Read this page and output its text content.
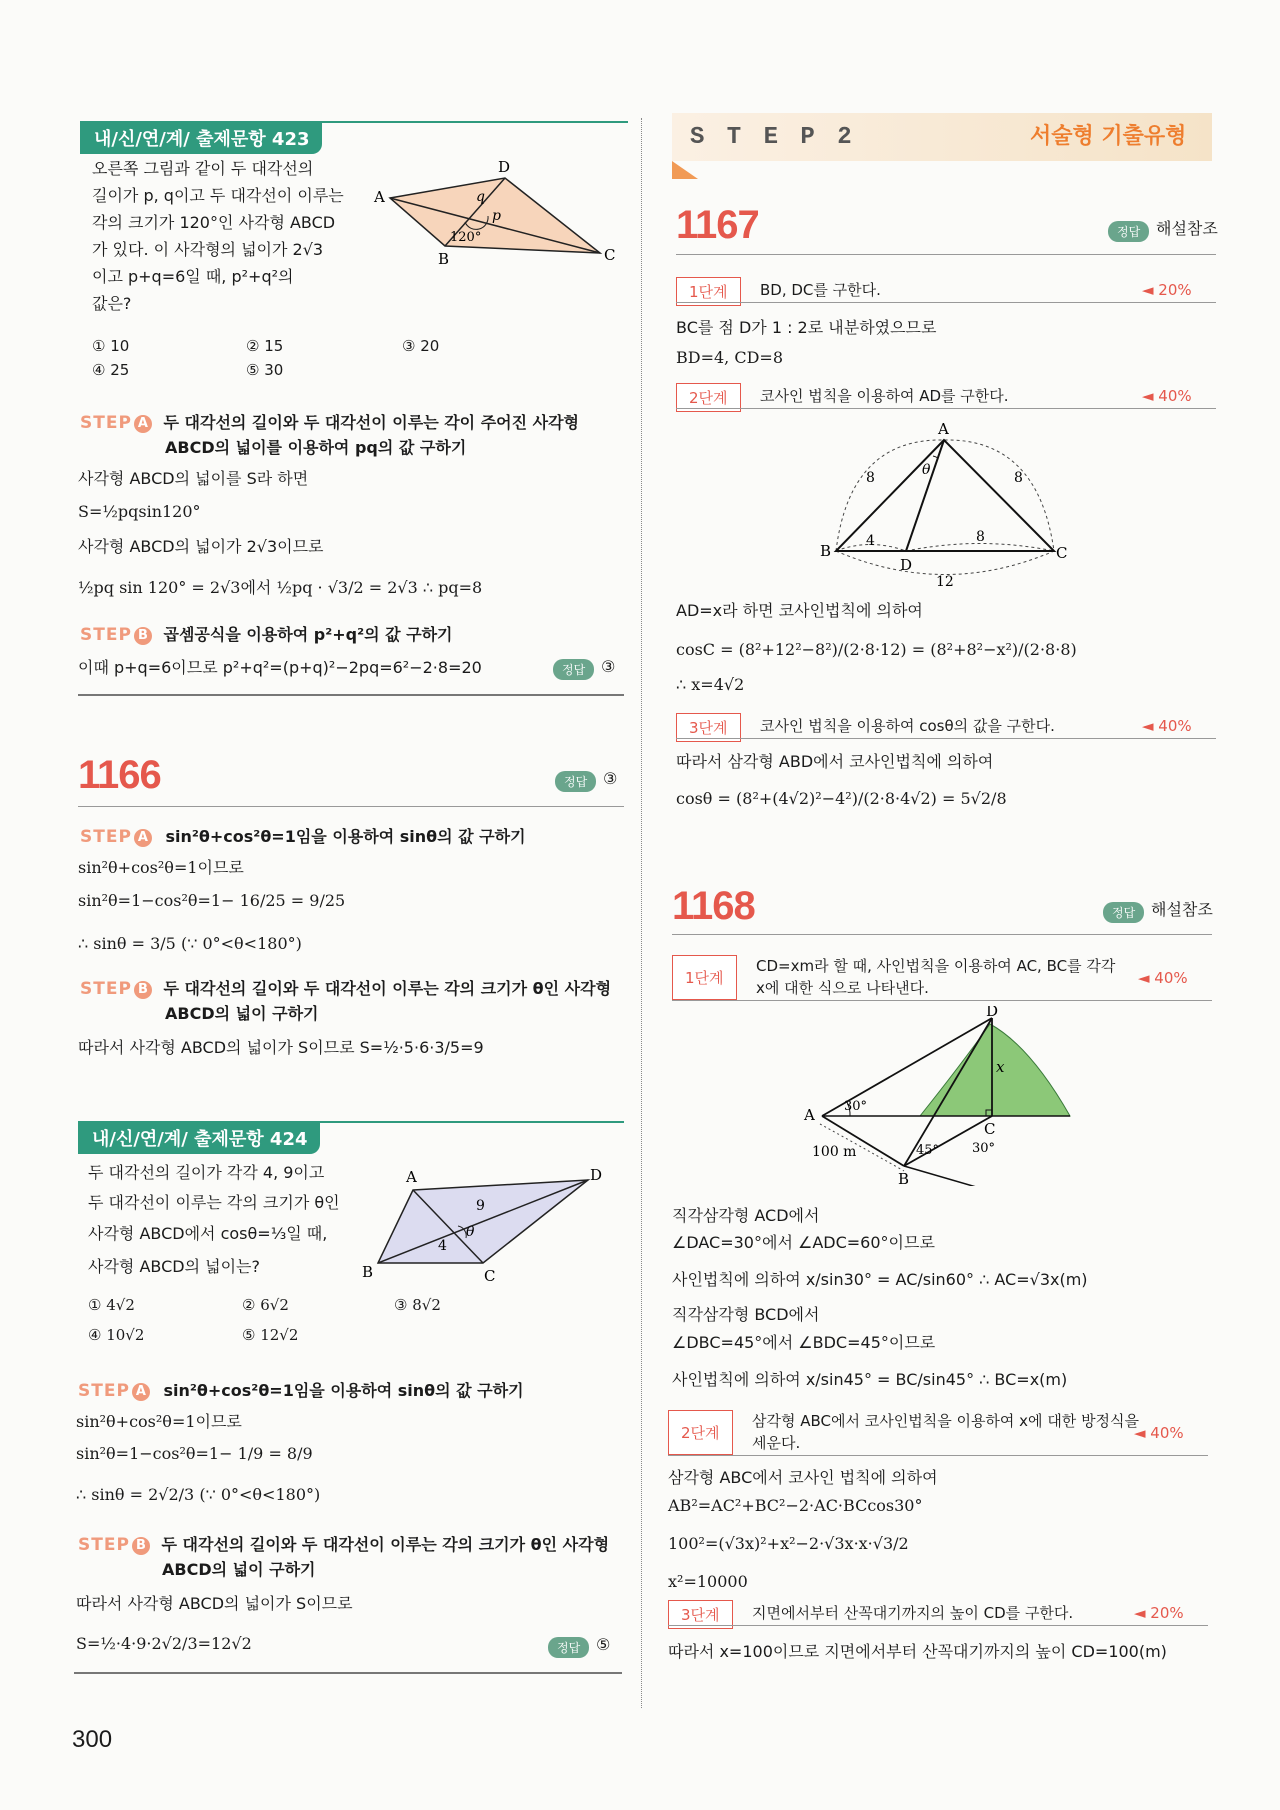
내/신/연/계/ 출제문항 423
오른쪽 그림과 같이 두 대각선의
길이가 p, q이고 두 대각선이 이루는
각의 크기가 120°인 사각형 ABCD
가 있다. 이 사각형의 넓이가 2√3
이고 p+q=6일 때, p²+q²의
값은?
A
D
B	C
p
q
120°
① 10	② 15	③ 20
④ 25	⑤ 30
STEP A 두 대각선의 길이와 두 대각선이 이루는 각이 주어진 사각형
ABCD의 넓이를 이용하여 pq의 값 구하기
사각형 ABCD의 넓이를 S라 하면
S=½pqsin120°
사각형 ABCD의 넓이가 2√3이므로
½pq sin 120° = 2√3에서 ½pq · √3/2 = 2√3 ∴ pq=8
STEP B 곱셈공식을 이용하여 p²+q²의 값 구하기
이때 p+q=6이므로 p²+q²=(p+q)²−2pq=6²−2·8=20	정답 ③
1166	정답 ③
STEP A sin²θ+cos²θ=1임을 이용하여 sinθ의 값 구하기
sin²θ+cos²θ=1이므로
sin²θ=1−cos²θ=1− 16/25 = 9/25
∴ sinθ = 3/5 (∵ 0°<θ<180°)
STEP B 두 대각선의 길이와 두 대각선이 이루는 각의 크기가 θ인 사각형
ABCD의 넓이 구하기
따라서 사각형 ABCD의 넓이가 S이므로 S=½·5·6·3/5=9
내/신/연/계/ 출제문항 424
두 대각선의 길이가 각각 4, 9이고
두 대각선이 이루는 각의 크기가 θ인
사각형 ABCD에서 cosθ=⅓일 때,
사각형 ABCD의 넓이는?
A	D
B	C
9
4
θ
① 4√2	② 6√2	③ 8√2
④ 10√2	⑤ 12√2
STEP A sin²θ+cos²θ=1임을 이용하여 sinθ의 값 구하기
sin²θ+cos²θ=1이므로
sin²θ=1−cos²θ=1− 1/9 = 8/9
∴ sinθ = 2√2/3 (∵ 0°<θ<180°)
STEP B 두 대각선의 길이와 두 대각선이 이루는 각의 크기가 θ인 사각형
ABCD의 넓이 구하기
따라서 사각형 ABCD의 넓이가 S이므로
S=½·4·9·2√2/3=12√2	정답 ⑤
300
S T E P 2	서술형 기출유형
1167	정답 해설참조
1단계	BD, DC를 구한다.	◄ 20%
BC를 점 D가 1 : 2로 내분하였으므로
BD=4, CD=8
2단계	코사인 법칙을 이용하여 AD를 구한다.	◄ 40%
A
B	C
D
8	8
4	8
12
θ
AD=x라 하면 코사인법칙에 의하여
cosC = (8²+12²−8²)/(2·8·12) = (8²+8²−x²)/(2·8·8)
∴ x=4√2
3단계	코사인 법칙을 이용하여 cosθ의 값을 구한다.	◄ 40%
따라서 삼각형 ABD에서 코사인법칙에 의하여
cosθ = (8²+(4√2)²−4²)/(2·8·4√2) = 5√2/8
1168	정답 해설참조
1단계
CD=xm라 할 때, 사인법칙을 이용하여 AC, BC를 각각
x에 대한 식으로 나타낸다.
◄ 40%
D
A
C
B
x
30°
45°	30°
100 m
직각삼각형 ACD에서
∠DAC=30°에서 ∠ADC=60°이므로
사인법칙에 의하여 x/sin30° = AC/sin60° ∴ AC=√3x(m)
직각삼각형 BCD에서
∠DBC=45°에서 ∠BDC=45°이므로
사인법칙에 의하여 x/sin45° = BC/sin45° ∴ BC=x(m)
2단계
삼각형 ABC에서 코사인법칙을 이용하여 x에 대한 방정식을
세운다.
◄ 40%
삼각형 ABC에서 코사인 법칙에 의하여
AB²=AC²+BC²−2·AC·BCcos30°
100²=(√3x)²+x²−2·√3x·x·√3/2
x²=10000
3단계	지면에서부터 산꼭대기까지의 높이 CD를 구한다.	◄ 20%
따라서 x=100이므로 지면에서부터 산꼭대기까지의 높이 CD=100(m)
